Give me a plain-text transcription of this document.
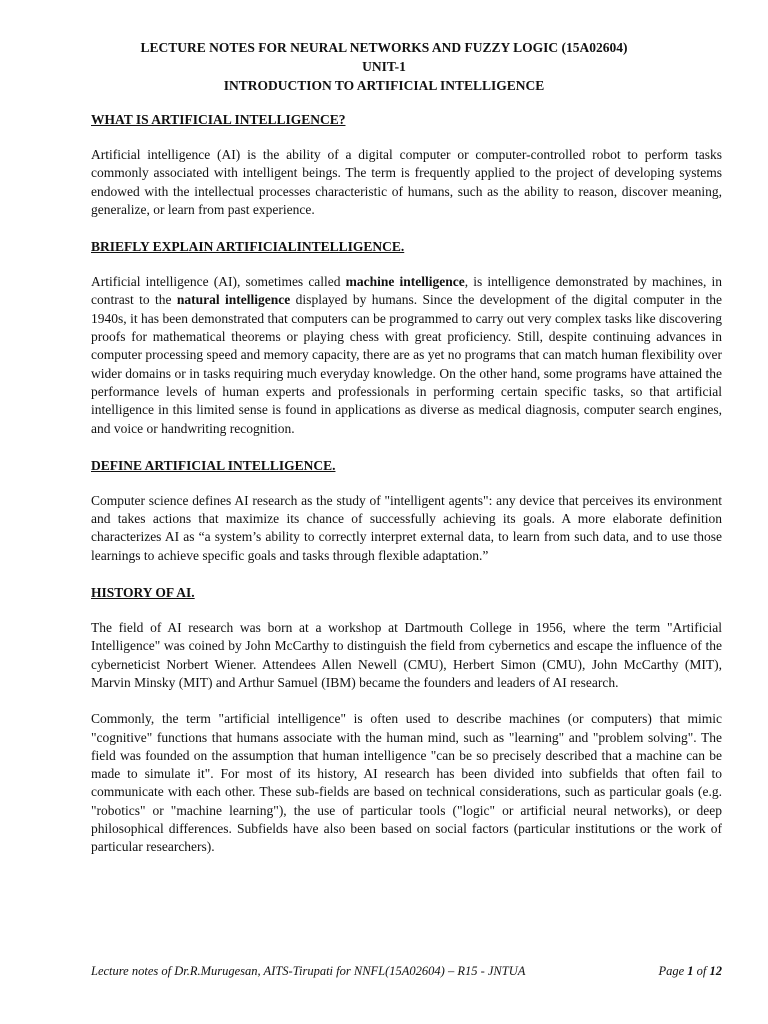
LECTURE NOTES FOR NEURAL NETWORKS AND FUZZY LOGIC (15A02604)
UNIT-1
INTRODUCTION TO ARTIFICIAL INTELLIGENCE
WHAT IS ARTIFICIAL INTELLIGENCE?

Artificial intelligence (AI) is the ability of a digital computer or computer-controlled robot to perform tasks commonly associated with intelligent beings. The term is frequently applied to the project of developing systems endowed with the intellectual processes characteristic of humans, such as the ability to reason, discover meaning, generalize, or learn from past experience.

BRIEFLY EXPLAIN ARTIFICIALINTELLIGENCE.

Artificial intelligence (AI), sometimes called machine intelligence, is intelligence demonstrated by machines, in contrast to the natural intelligence displayed by humans. Since the development of the digital computer in the 1940s, it has been demonstrated that computers can be programmed to carry out very complex tasks like discovering proofs for mathematical theorems or playing chess with great proficiency. Still, despite continuing advances in computer processing speed and memory capacity, there are as yet no programs that can match human flexibility over wider domains or in tasks requiring much everyday knowledge. On the other hand, some programs have attained the performance levels of human experts and professionals in performing certain specific tasks, so that artificial intelligence in this limited sense is found in applications as diverse as medical diagnosis, computer search engines, and voice or handwriting recognition.

DEFINE ARTIFICIAL INTELLIGENCE.

Computer science defines AI research as the study of "intelligent agents": any device that perceives its environment and takes actions that maximize its chance of successfully achieving its goals. A more elaborate definition characterizes AI as “a system’s ability to correctly interpret external data, to learn from such data, and to use those learnings to achieve specific goals and tasks through flexible adaptation.”

HISTORY OF AI.

The field of AI research was born at a workshop at Dartmouth College in 1956, where the term "Artificial Intelligence" was coined by John McCarthy to distinguish the field from cybernetics and escape the influence of the cyberneticist Norbert Wiener. Attendees Allen Newell (CMU), Herbert Simon (CMU), John McCarthy (MIT), Marvin Minsky (MIT) and Arthur Samuel (IBM) became the founders and leaders of AI research.

Commonly, the term "artificial intelligence" is often used to describe machines (or computers) that mimic "cognitive" functions that humans associate with the human mind, such as "learning" and "problem solving". The field was founded on the assumption that human intelligence "can be so precisely described that a machine can be made to simulate it". For most of its history, AI research has been divided into subfields that often fail to communicate with each other. These sub-fields are based on technical considerations, such as particular goals (e.g. "robotics" or "machine learning"), the use of particular tools ("logic" or artificial neural networks), or deep philosophical differences. Subfields have also been based on social factors (particular institutions or the work of particular researchers).

Lecture notes of Dr.R.Murugesan, AITS-Tirupati for NNFL(15A02604) – R15 - JNTUA	Page 1 of 12
